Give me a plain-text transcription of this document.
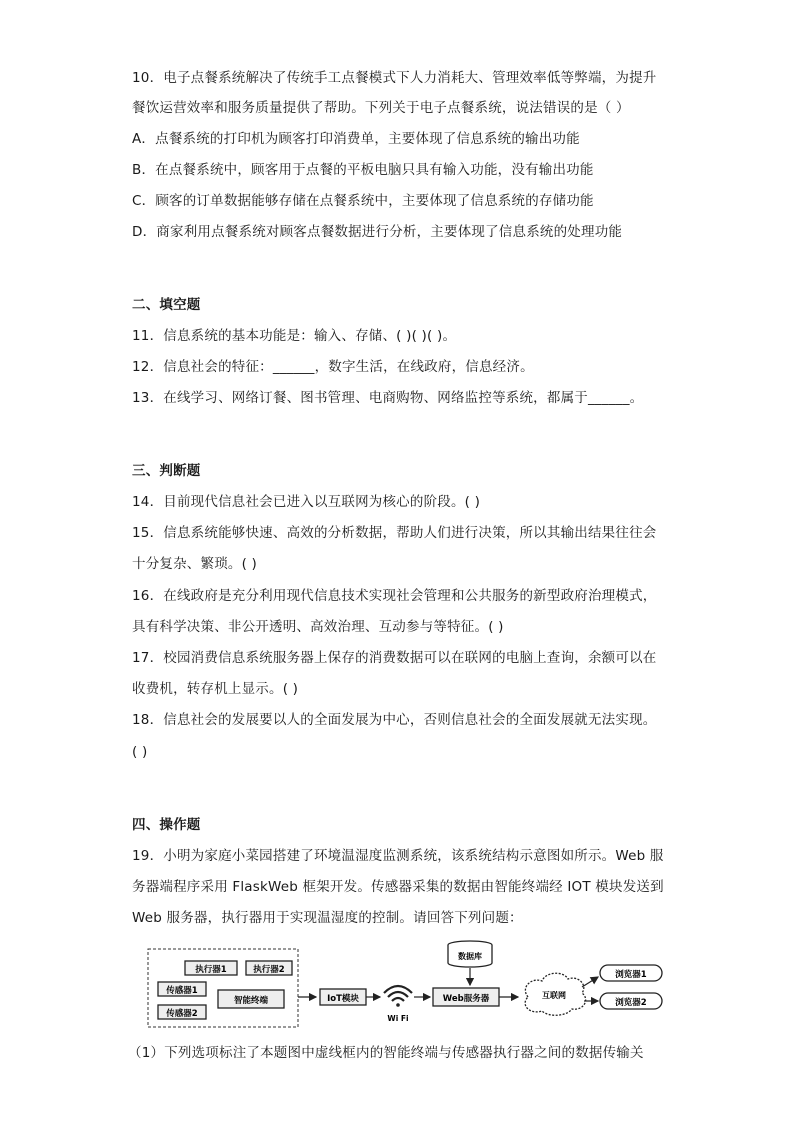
10．电子点餐系统解决了传统手工点餐模式下人力消耗大、管理效率低等弊端，为提升
餐饮运营效率和服务质量提供了帮助。下列关于电子点餐系统，说法错误的是（ ）
A．点餐系统的打印机为顾客打印消费单，主要体现了信息系统的输出功能
B．在点餐系统中，顾客用于点餐的平板电脑只具有输入功能，没有输出功能
C．顾客的订单数据能够存储在点餐系统中，主要体现了信息系统的存储功能
D．商家利用点餐系统对顾客点餐数据进行分析，主要体现了信息系统的处理功能
二、填空题
11．信息系统的基本功能是：输入、存储、( )( )( )。
12．信息社会的特征：______，数字生活，在线政府，信息经济。
13．在线学习、网络订餐、图书管理、电商购物、网络监控等系统，都属于______。
三、判断题
14．目前现代信息社会已进入以互联网为核心的阶段。( )
15．信息系统能够快速、高效的分析数据，帮助人们进行决策，所以其输出结果往往会
十分复杂、繁琐。( )
16．在线政府是充分利用现代信息技术实现社会管理和公共服务的新型政府治理模式，
具有科学决策、非公开透明、高效治理、互动参与等特征。( )
17．校园消费信息系统服务器上保存的消费数据可以在联网的电脑上查询，余额可以在
收费机，转存机上显示。( )
18．信息社会的发展要以人的全面发展为中心，否则信息社会的全面发展就无法实现。
( )
四、操作题
19．小明为家庭小菜园搭建了环境温湿度监测系统，该系统结构示意图如所示。Web 服
务器端程序采用 FlaskWeb 框架开发。传感器采集的数据由智能终端经 IOT 模块发送到
Web 服务器，执行器用于实现温湿度的控制。请回答下列问题：
执行器1	执行器2
传感器1
传感器2
智能终端	IoT模块
Wi Fi
数据库
Web服务器	互联网
浏览器1
浏览器2
（1）下列选项标注了本题图中虚线框内的智能终端与传感器执行器之间的数据传输关
